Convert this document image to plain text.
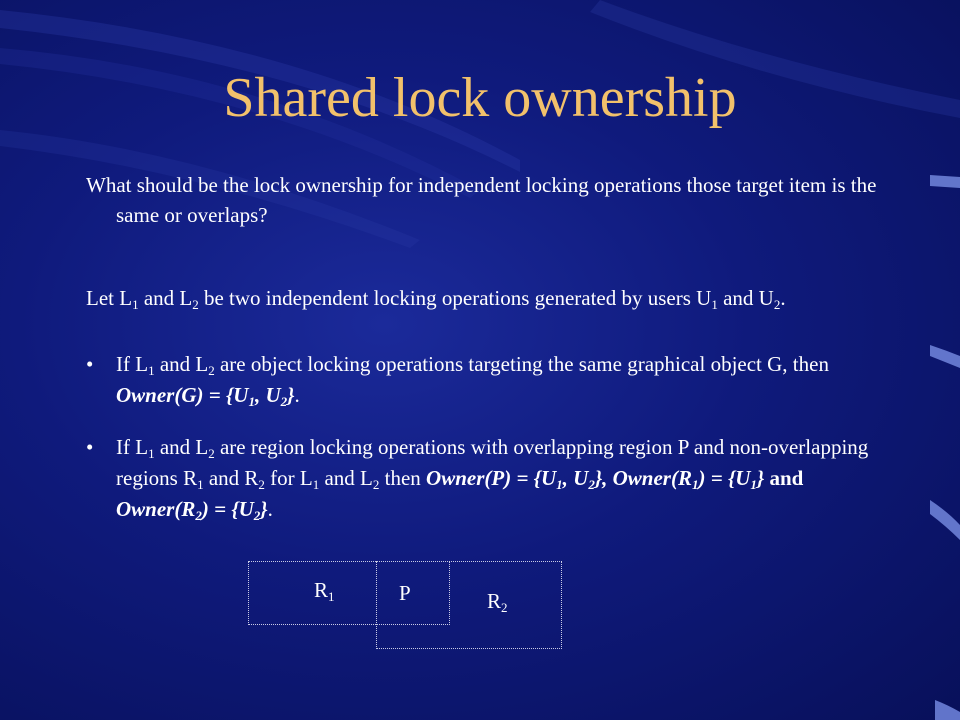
Shared lock ownership

What should be the lock ownership for independent locking operations those target item is the same or overlaps?

Let $L_1$ and $L_2$ be two independent locking operations generated by users $U_1$ and $U_2$.

• If $L_1$ and $L_2$ are object locking operations targeting the same graphical object G, then Owner(G) = {$U_1$, $U_2$}.
• If $L_1$ and $L_2$ are region locking operations with overlapping region P and non-overlapping regions $R_1$ and $R_2$ for $L_1$ and $L_2$ then Owner(P) = {$U_1$, $U_2$}, $Owner(R_1) = \{U_1\}$ and $Owner(R_2) = \{U_2\}$.
$R_1$	P	$R_2$
